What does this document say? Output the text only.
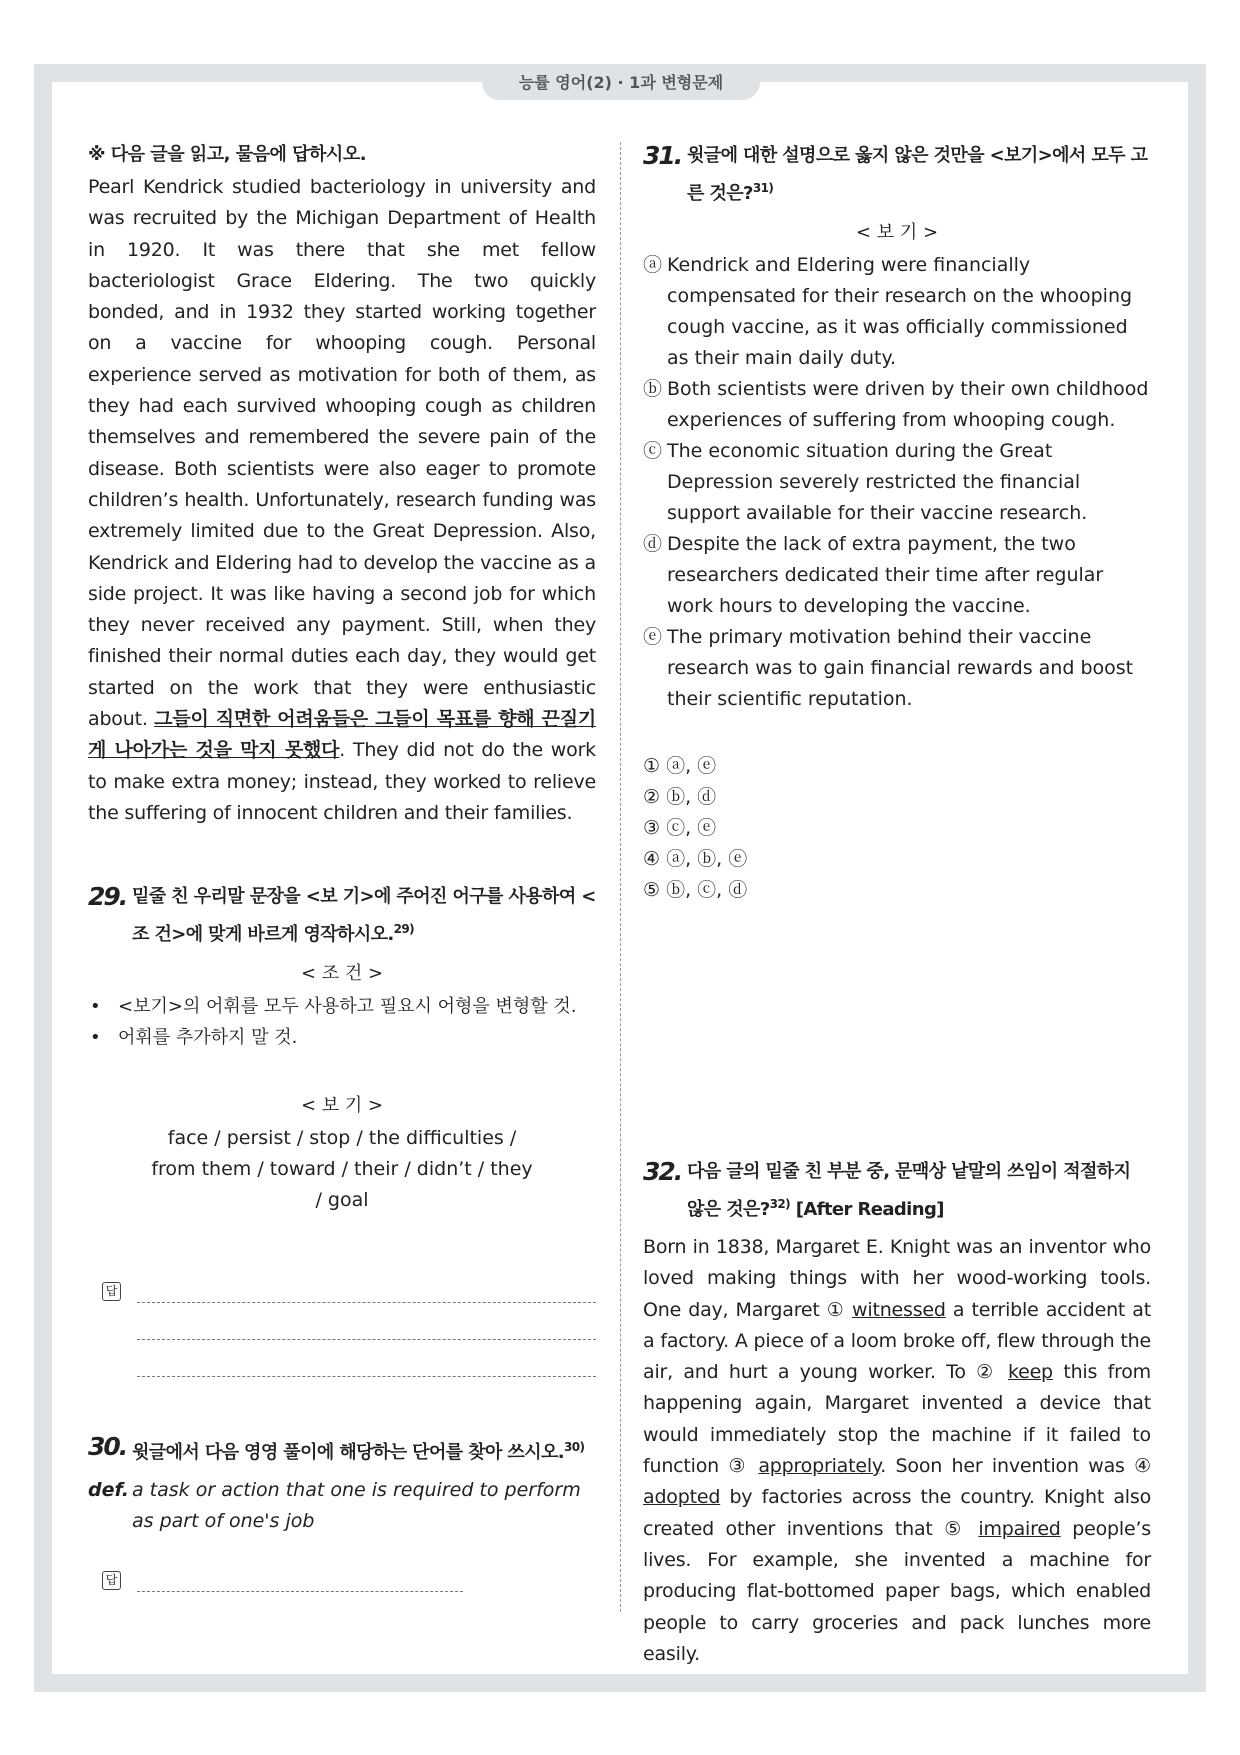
능률 영어(2) · 1과 변형문제

※ 다음 글을 읽고, 물음에 답하시오.

Pearl Kendrick studied bacteriology in university and was recruited by the Michigan Department of Health in 1920. It was there that she met fellow bacteriologist Grace Eldering. The two quickly bonded, and in 1932 they started working together on a vaccine for whooping cough. Personal experience served as motivation for both of them, as they had each survived whooping cough as children themselves and remembered the severe pain of the disease. Both scientists were also eager to promote children’s health. Unfortunately, research funding was extremely limited due to the Great Depression. Also, Kendrick and Eldering had to develop the vaccine as a side project. It was like having a second job for which they never received any payment. Still, when they finished their normal duties each day, they would get started on the work that they were enthusiastic about. 그들이 직면한 어려움들은 그들이 목표를 향해 끈질기게 나아가는 것을 막지 못했다. They did not do the work to make extra money; instead, they worked to relieve the suffering of innocent children and their families.

29. 밑줄 친 우리말 문장을 <보 기>에 주어진 어구를 사용하여 <조 건>에 맞게 바르게 영작하시오.$^{29)}$
< 조 건 >
• <보기>의 어휘를 모두 사용하고 필요시 어형을 변형할 것.
• 어휘를 추가하지 말 것.
< 보 기 >
face / persist / stop / the difficulties / from them / toward / their / didn’t / they / goal
답
30. 윗글에서 다음 영영 풀이에 해당하는 단어를 찾아 쓰시오.$^{30)}$
def. a task or action that one is required to perform as part of one's job
답
31. 윗글에 대한 설명으로 옳지 않은 것만을 <보기>에서 모두 고른 것은?$^{31)}$
< 보 기 >
ⓐ Kendrick and Eldering were financially compensated for their research on the whooping cough vaccine, as it was officially commissioned as their main daily duty.
ⓑ Both scientists were driven by their own childhood experiences of suffering from whooping cough.
ⓒ The economic situation during the Great Depression severely restricted the financial support available for their vaccine research.
ⓓ Despite the lack of extra payment, the two researchers dedicated their time after regular work hours to developing the vaccine.
ⓔ The primary motivation behind their vaccine research was to gain financial rewards and boost their scientific reputation.
① ⓐ, ⓔ
② ⓑ, ⓓ
③ ⓒ, ⓔ
④ ⓐ, ⓑ, ⓔ
⑤ ⓑ, ⓒ, ⓓ
32. 다음 글의 밑줄 친 부분 중, 문맥상 낱말의 쓰임이 적절하지 않은 것은?$^{32)}$ [After Reading]

Born in 1838, Margaret E. Knight was an inventor who loved making things with her wood-working tools. One day, Margaret ① witnessed a terrible accident at a factory. A piece of a loom broke off, flew through the air, and hurt a young worker. To ② keep this from happening again, Margaret invented a device that would immediately stop the machine if it failed to function ③ appropriately. Soon her invention was ④ adopted by factories across the country. Knight also created other inventions that ⑤ impaired people’s lives. For example, she invented a machine for producing flat-bottomed paper bags, which enabled people to carry groceries and pack lunches more easily.
